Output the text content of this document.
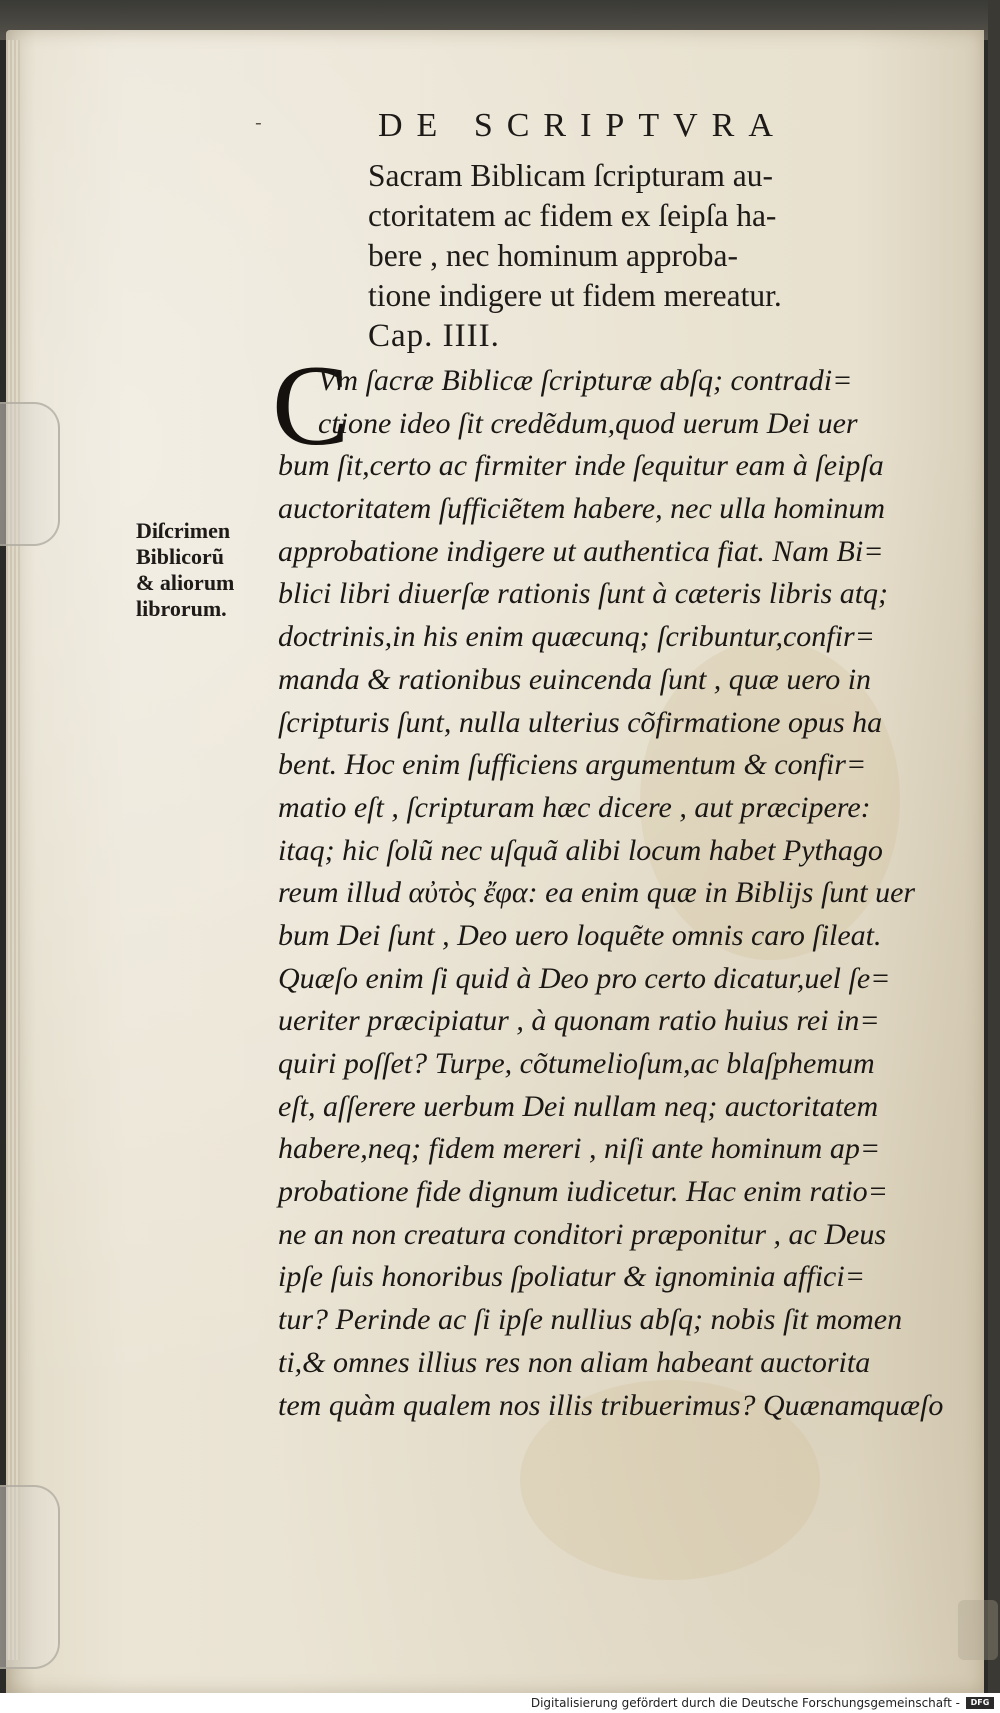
-	DE SCRIPTVRA
Sacram Biblicam ſcripturam au-
ctoritatem ac fidem ex ſeipſa ha-
bere , nec hominum approba-
tione indigere ut fidem mereatur.
Cap. IIII.
Diſcrimen
Biblicorũ
& aliorum
librorum.
C
Vm ſacræ Biblicæ ſcripturæ abſq; contradi=
ctione ideo ſit credẽdum,quod uerum Dei uer
bum ſit,certo ac firmiter inde ſequitur eam à ſeipſa
auctoritatem ſufficiẽtem habere, nec ulla hominum
approbatione indigere ut authentica fiat. Nam Bi=
blici libri diuerſæ rationis ſunt à cæteris libris atq;
doctrinis,in his enim quæcunq; ſcribuntur,confir=
manda & rationibus euincenda ſunt , quæ uero in
ſcripturis ſunt, nulla ulterius cõfirmatione opus ha
bent. Hoc enim ſufficiens argumentum & confir=
matio eſt , ſcripturam hæc dicere , aut præcipere:
itaq; hic ſolũ nec uſquã alibi locum habet Pythago
reum illud αὐτὸς ἔφα: ea enim quæ in Biblijs ſunt uer
bum Dei ſunt , Deo uero loquẽte omnis caro ſileat.
Quæſo enim ſi quid à Deo pro certo dicatur,uel ſe=
ueriter præcipiatur , à quonam ratio huius rei in=
quiri poſſet? Turpe, cõtumelioſum,ac blaſphemum
eſt, aſſerere uerbum Dei nullam neq; auctoritatem
habere,neq; fidem mereri , niſi ante hominum ap=
probatione fide dignum iudicetur. Hac enim ratio=
ne an non creatura conditori præponitur , ac Deus
ipſe ſuis honoribus ſpoliatur & ignominia affici=
tur? Perinde ac ſi ipſe nullius abſq; nobis ſit momen
ti,& omnes illius res non aliam habeant auctorita
tem quàm qualem nos illis tribuerimus? Quænam
quæſo
Digitalisierung gefördert durch die Deutsche Forschungsgemeinschaft -	DFG
